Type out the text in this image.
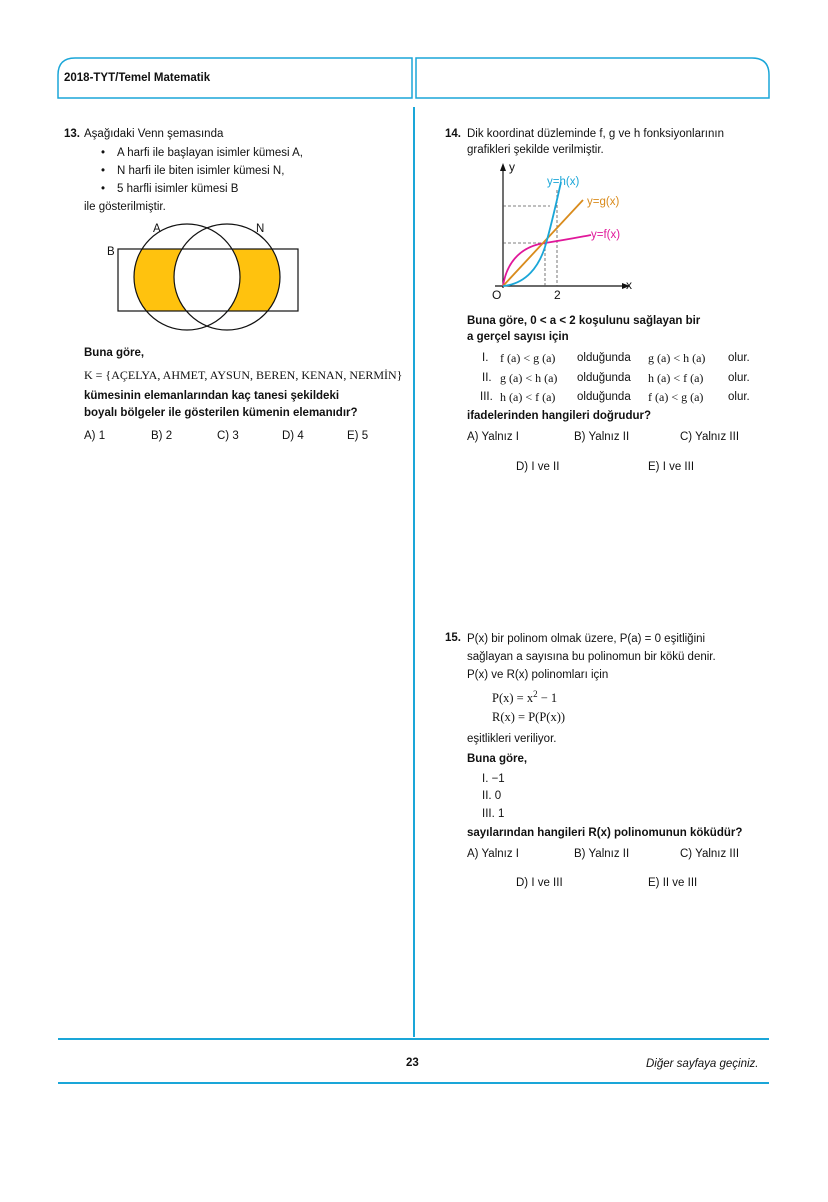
2018-TYT/Temel Matematik
13. Aşağıdaki Venn şemasında
• A harfi ile başlayan isimler kümesi A,
• N harfi ile biten isimler kümesi N,
• 5 harfli isimler kümesi B
ile gösterilmiştir.
A	N
B
Buna göre,
K = {AÇELYA, AHMET, AYSUN, BEREN, KENAN, NERMİN}
kümesinin elemanlarından kaç tanesi şekildeki
boyalı bölgeler ile gösterilen kümenin elemanıdır?
A) 1	B) 2	C) 3	D) 4	E) 5
14. Dik koordinat düzleminde f, g ve h fonksiyonlarının
grafikleri şekilde verilmiştir.
y
x
O	2
y=h(x)
y=g(x)
y=f(x)
Buna göre, 0 < a < 2 koşulunu sağlayan bir
a gerçel sayısı için
I. f (a) < g (a) olduğunda g (a) < h (a) olur.
II. g (a) < h (a) olduğunda h (a) < f (a) olur.
III. h (a) < f (a) olduğunda f (a) < g (a) olur.
ifadelerinden hangileri doğrudur?
A) Yalnız I	B) Yalnız II	C) Yalnız III
D) I ve II	E) I ve III
15. P(x) bir polinom olmak üzere, P(a) = 0 eşitliğini
sağlayan a sayısına bu polinomun bir kökü denir.
P(x) ve R(x) polinomları için
$P(x) = x^2 - 1$
R(x) = P(P(x))
eşitlikleri veriliyor.
Buna göre,
I. −1
II. 0
III. 1
sayılarından hangileri R(x) polinomunun köküdür?
A) Yalnız I	B) Yalnız II	C) Yalnız III
D) I ve III	E) II ve III
23	Diğer sayfaya geçiniz.
